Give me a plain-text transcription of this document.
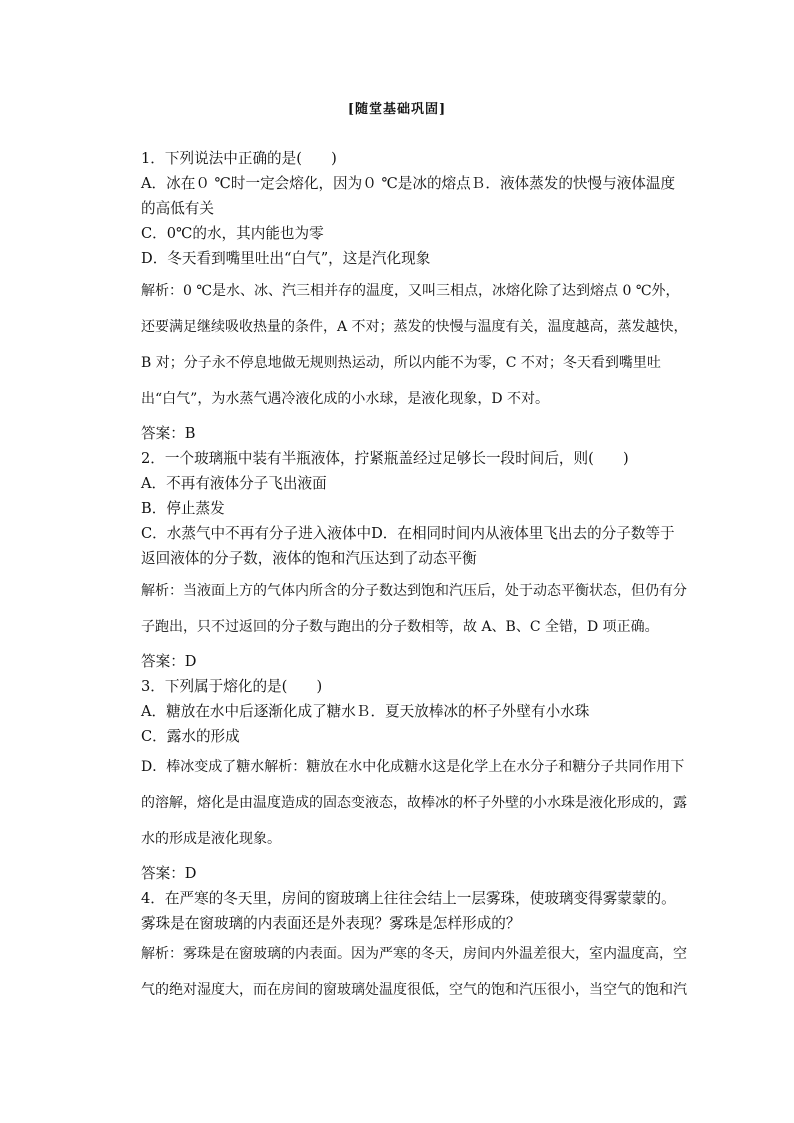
[随堂基础巩固]

1．下列说法中正确的是(　　)

A．冰在０ ℃时一定会熔化，因为０ ℃是冰的熔点Ｂ．液体蒸发的快慢与液体温度的高低有关

C．0℃的水，其内能也为零

D．冬天看到嘴里吐出“白气”，这是汽化现象

解析：0 ℃是水、冰、汽三相并存的温度，又叫三相点，冰熔化除了达到熔点 0 ℃外，还要满足继续吸收热量的条件，A 不对；蒸发的快慢与温度有关，温度越高，蒸发越快，B 对；分子永不停息地做无规则热运动，所以内能不为零，C 不对；冬天看到嘴里吐出“白气”，为水蒸气遇冷液化成的小水球，是液化现象，D 不对。

答案：B

2．一个玻璃瓶中装有半瓶液体，拧紧瓶盖经过足够长一段时间后，则(　　)

A．不再有液体分子飞出液面

B．停止蒸发

C．水蒸气中不再有分子进入液体中D．在相同时间内从液体里飞出去的分子数等于返回液体的分子数，液体的饱和汽压达到了动态平衡

解析：当液面上方的气体内所含的分子数达到饱和汽压后，处于动态平衡状态，但仍有分子跑出，只不过返回的分子数与跑出的分子数相等，故 A、B、C 全错，D 项正确。

答案：D

3．下列属于熔化的是(　　)

A．糖放在水中后逐渐化成了糖水Ｂ．夏天放棒冰的杯子外壁有小水珠

C．露水的形成

D．棒冰变成了糖水解析：糖放在水中化成糖水这是化学上在水分子和糖分子共同作用下的溶解，熔化是由温度造成的固态变液态，故棒冰的杯子外壁的小水珠是液化形成的，露水的形成是液化现象。

答案：D

4．在严寒的冬天里，房间的窗玻璃上往往会结上一层雾珠，使玻璃变得雾蒙蒙的。雾珠是在窗玻璃的内表面还是外表现？雾珠是怎样形成的？

解析：雾珠是在窗玻璃的内表面。因为严寒的冬天，房间内外温差很大，室内温度高，空气的绝对湿度大，而在房间的窗玻璃处温度很低，空气的饱和汽压很小，当空气的饱和汽
